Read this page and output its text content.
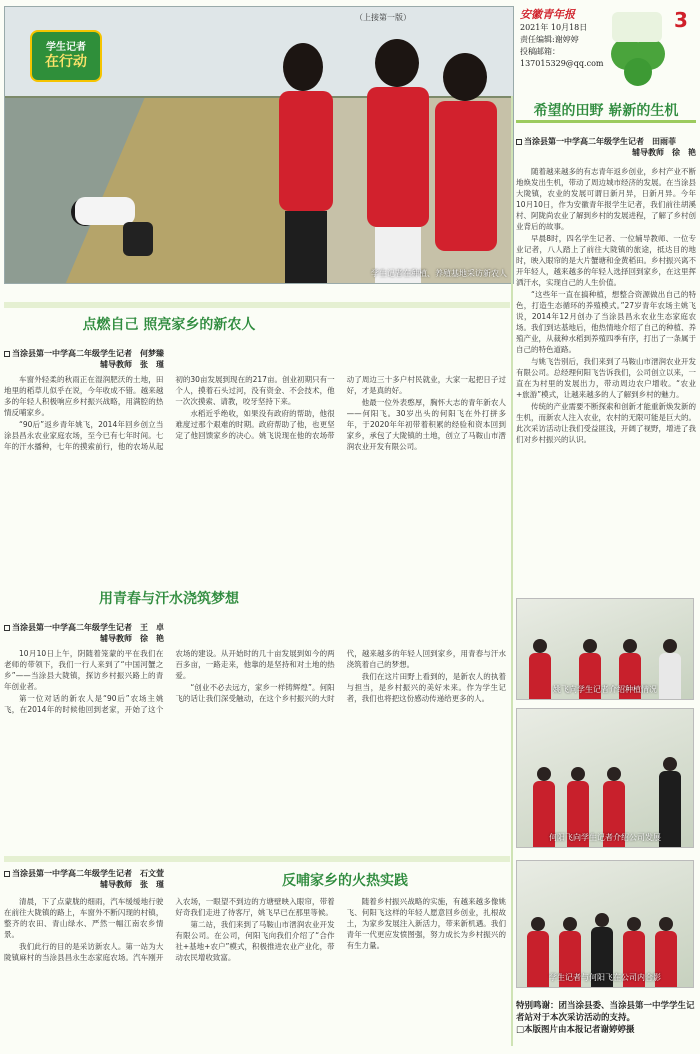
学生记者在种植、养殖基地采访新农人
学生记者
在行动
（上接第一版）	安徽青年报
2021年 10月18日
责任编辑:谢婷婷
投稿邮箱：
137015329@qq.com
3
希望的田野 崭新的生机
当涂县第一中学高二年级学生记者　田雨菲
辅导教师　徐　艳

随着越来越多的有志青年返乡创业，乡村产业不断地焕发出生机，带动了周边城市经济的发展。在当涂县大陇镇，农业的发展可谓日新月异，日新月异。今年10月10日，作为安徽青年报学生记者，我们前往胡溪村、阿陇尚农业了解到乡村的发展进程，了解了乡村创业背后的故事。

早晨8时，四名学生记者、一位辅导教师、一位专业记者，八人踏上了前往大陇镇的旅途，抵达目的地时，映入眼帘的是大片蟹塘和金黄稻田。乡村振兴离不开年轻人，越来越多的年轻人选择回到家乡，在这里挥洒汗水，实现自己的人生价值。

“这些年一直在搞种植，想整合资源做出自己的特色，打造生态循环的养殖模式。”27岁青年农场主姚飞说，2014年12月创办了当涂县昌永农业生态家庭农场。我们到达基地后，他热情地介绍了自己的种植、养殖产业，从裁种水稻到养殖四季有序，打出了一条属于自己的特色道路。

与姚飞告别后，我们来到了马鞍山市溍润农业开发有限公司。总经理何阳飞告诉我们，公司创立以来，一直在为村里的发展出力，带动周边农户增收。“农业+旅游”模式，让越来越多的人了解到乡村的魅力。

传统的产业需要不断探索和创新才能重新焕发新的生机，而新农人注入农业，农村的无限可能是巨大的。此次采访活动让我们受益匪浅，开阔了视野，增进了我们对乡村振兴的认识。

姚飞向学生记者介绍种植情况
何阳飞向学生记者介绍公司发展
学生记者与何阳飞在公司内合影
点燃自己 照亮家乡的新农人
当涂县第一中学高二年级学生记者　何梦臻
辅导教师　张　瑾

车窗外轻柔的秋雨正在湿润肥沃的土地，田地里的稻草儿似乎在说，今年收成不错。越来越多的年轻人积极响应乡村振兴战略，用满腔的热情反哺家乡。

“90后”返乡青年姚飞，2014年回乡创立当涂县昌永农业家庭农场，至今已有七年时间。七年的汗水播种，七年的摸索前行，他的农场从起初的30亩发展到现在的217亩。创业初期只有一个人，摸着石头过河，没有资金、不会技术，他一次次摸索、请教，咬牙坚持下来。

水稻近乎绝收，如果没有政府的帮助，他很难度过那个艰难的时期。政府帮助了他，也更坚定了他回馈家乡的决心。姚飞说现在他的农场带动了周边三十多户村民就业，大家一起把日子过好，才是真的好。

他最一位外表憨厚，胸怀大志的青年新农人——何阳飞。30岁出头的何阳飞在外打拼多年，于2020年年初带着积累的经验和资本回到家乡，承包了大陇镇的土地，创立了马鞍山市溍润农业开发有限公司。

用青春与汗水浇筑梦想
当涂县第一中学高二年级学生记者　王　卓
辅导教师　徐　艳

10月10日上午，阴随着笼蒙的平在我们在老师的带领下，我们一行人来到了“中国河蟹之乡”——当涂县大陇镇，探访乡村振兴路上的青年创业者。

第一位对话的新农人是“90后”农场主姚飞，在2014年的时候他回到老家，开始了这个农场的建设。从开始时的几十亩发展到如今的两百多亩，一路走来，他靠的是坚持和对土地的热爱。

“创业不必去远方，家乡一样铸辉煌”。何阳飞的话让我们深受触动，在这个乡村振兴的大时代，越来越多的年轻人回到家乡，用青春与汗水浇筑着自己的梦想。

我们在这片田野上看到的，是新农人的执着与担当，是乡村振兴的美好未来。作为学生记者，我们也将把这份感动传递给更多的人。

反哺家乡的火热实践
当涂县第一中学高二年级学生记者　石文萱
辅导教师　张　瑾

清晨，下了点蒙胧的细雨，汽车缓缓地行驶在前往大陇镇的路上，车窗外不断闪现的村镇，整齐的农田、青山绿水、严然一幅江南农乡情景。

我们此行的目的是采访新农人。第一站为大陇镇麻村的当涂县昌永生态家庭农场。汽车刚开入农场，一眼望不到边的方塘壁映入眼帘，带着好奇我们走进了待客厅，姚飞早已在那里等候。

第二站，我们来到了马鞍山市溍润农业开发有限公司。在公司，何阳飞向我们介绍了“合作社+基地+农户”模式，积极推进农业产业化，带动农民增收致富。

随着乡村振兴战略的实施，有越来越多像姚飞、何阳飞这样的年轻人愿意回乡创业，扎根故土，为家乡发展注入新活力，带来新机遇。我们青年一代更应发愤图强，努力成长为乡村振兴的有生力量。

特别鸣谢：团当涂县委、当涂县第一中学学生记者站对于本次采访活动的支持。
□本版图片由本报记者谢婷婷摄
